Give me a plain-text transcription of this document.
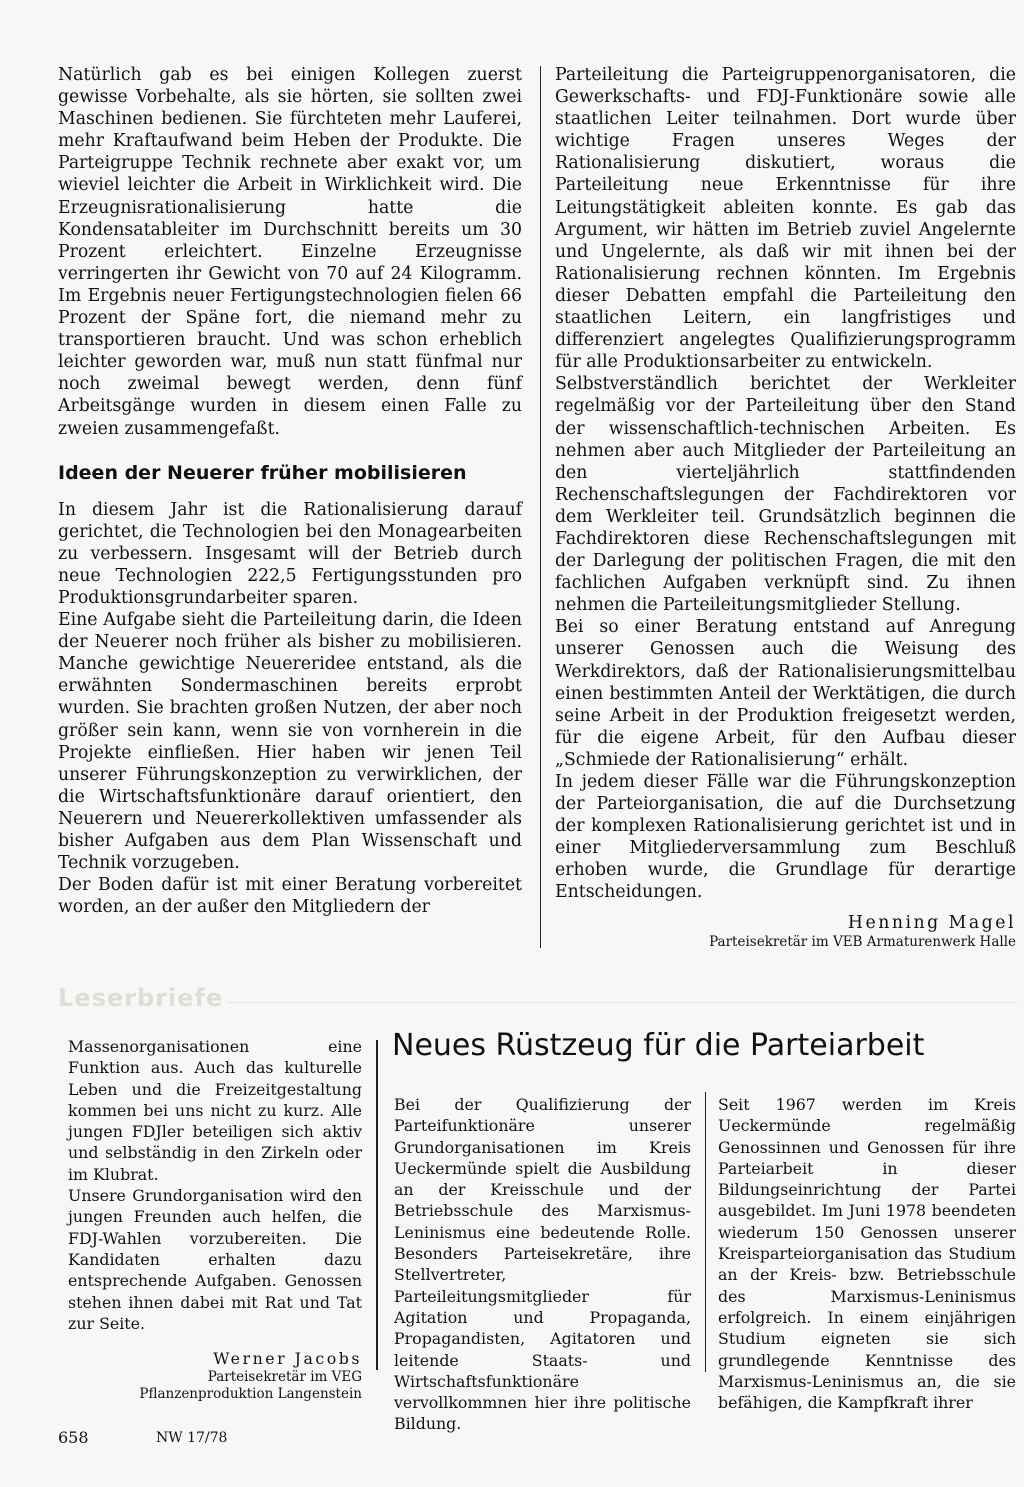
Natürlich gab es bei einigen Kollegen zuerst gewisse Vorbehalte, als sie hörten, sie sollten zwei Maschinen bedienen. Sie fürchteten mehr Lauferei, mehr Kraftaufwand beim Heben der Produkte. Die Parteigruppe Technik rechnete aber exakt vor, um wieviel leichter die Arbeit in Wirklichkeit wird. Die Erzeugnisrationalisierung hatte die Kondensatableiter im Durchschnitt bereits um 30 Prozent erleichtert. Einzelne Erzeugnisse verringerten ihr Gewicht von 70 auf 24 Kilogramm. Im Ergebnis neuer Fertigungstechnologien fielen 66 Prozent der Späne fort, die niemand mehr zu transportieren braucht. Und was schon erheblich leichter geworden war, muß nun statt fünfmal nur noch zweimal bewegt werden, denn fünf Arbeitsgänge wurden in diesem einen Falle zu zweien zusammengefaßt.

Ideen der Neuerer früher mobilisieren

In diesem Jahr ist die Rationalisierung darauf gerichtet, die Technologien bei den Monagearbeiten zu verbessern. Insgesamt will der Betrieb durch neue Technologien 222,5 Fertigungsstunden pro Produktionsgrundarbeiter sparen.

Eine Aufgabe sieht die Parteileitung darin, die Ideen der Neuerer noch früher als bisher zu mobilisieren. Manche gewichtige Neuereridee entstand, als die erwähnten Sondermaschinen bereits erprobt wurden. Sie brachten großen Nutzen, der aber noch größer sein kann, wenn sie von vornherein in die Projekte einfließen. Hier haben wir jenen Teil unserer Führungskonzeption zu verwirklichen, der die Wirtschaftsfunktionäre darauf orientiert, den Neuerern und Neuererkollektiven umfassender als bisher Aufgaben aus dem Plan Wissenschaft und Technik vorzugeben.

Der Boden dafür ist mit einer Beratung vorbereitet worden, an der außer den Mitgliedern der

Parteileitung die Parteigruppenorganisatoren, die Gewerkschafts- und FDJ-Funktionäre sowie alle staatlichen Leiter teilnahmen. Dort wurde über wichtige Fragen unseres Weges der Rationalisierung diskutiert, woraus die Parteileitung neue Erkenntnisse für ihre Leitungstätigkeit ableiten konnte. Es gab das Argument, wir hätten im Betrieb zuviel Angelernte und Ungelernte, als daß wir mit ihnen bei der Rationalisierung rechnen könnten. Im Ergebnis dieser Debatten empfahl die Parteileitung den staatlichen Leitern, ein langfristiges und differenziert angelegtes Qualifizierungsprogramm für alle Produktionsarbeiter zu entwickeln.

Selbstverständlich berichtet der Werkleiter regelmäßig vor der Parteileitung über den Stand der wissenschaftlich-technischen Arbeiten. Es nehmen aber auch Mitglieder der Parteileitung an den vierteljährlich stattfindenden Rechenschaftslegungen der Fachdirektoren vor dem Werkleiter teil. Grundsätzlich beginnen die Fachdirektoren diese Rechenschaftslegungen mit der Darlegung der politischen Fragen, die mit den fachlichen Aufgaben verknüpft sind. Zu ihnen nehmen die Parteileitungsmitglieder Stellung.

Bei so einer Beratung entstand auf Anregung unserer Genossen auch die Weisung des Werkdirektors, daß der Rationalisierungsmittelbau einen bestimmten Anteil der Werktätigen, die durch seine Arbeit in der Produktion freigesetzt werden, für die eigene Arbeit, für den Aufbau dieser „Schmiede der Rationalisierung“ erhält.

In jedem dieser Fälle war die Führungskonzeption der Parteiorganisation, die auf die Durchsetzung der komplexen Rationalisierung gerichtet ist und in einer Mitgliederversammlung zum Beschluß erhoben wurde, die Grundlage für derartige Entscheidungen.

Henning Magel
Parteisekretär im VEB Armaturenwerk Halle
Leserbriefe

Massenorganisationen eine Funktion aus. Auch das kulturelle Leben und die Freizeitgestaltung kommen bei uns nicht zu kurz. Alle jungen FDJler beteiligen sich aktiv und selbständig in den Zirkeln oder im Klubrat.

Unsere Grundorganisation wird den jungen Freunden auch helfen, die FDJ-Wahlen vorzubereiten. Die Kandidaten erhalten dazu entsprechende Aufgaben. Genossen stehen ihnen dabei mit Rat und Tat zur Seite.

Werner Jacobs
Parteisekretär im VEG
Pflanzenproduktion Langenstein
Neues Rüstzeug für die Parteiarbeit

Bei der Qualifizierung der Parteifunktionäre unserer Grundorganisationen im Kreis Ueckermünde spielt die Ausbildung an der Kreisschule und der Betriebsschule des Marxismus-Leninismus eine bedeutende Rolle. Besonders Parteisekretäre, ihre Stellvertreter, Parteileitungsmitglieder für Agitation und Propaganda, Propagandisten, Agitatoren und leitende Staats- und Wirtschaftsfunktionäre vervollkommnen hier ihre politische Bildung.

Seit 1967 werden im Kreis Ueckermünde regelmäßig Genossinnen und Genossen für ihre Parteiarbeit in dieser Bildungseinrichtung der Partei ausgebildet. Im Juni 1978 beendeten wiederum 150 Genossen unserer Kreisparteiorganisation das Studium an der Kreis- bzw. Betriebsschule des Marxismus-Leninismus erfolgreich. In einem einjährigen Studium eigneten sie sich grundlegende Kenntnisse des Marxismus-Leninismus an, die sie befähigen, die Kampfkraft ihrer

658	NW 17/78
